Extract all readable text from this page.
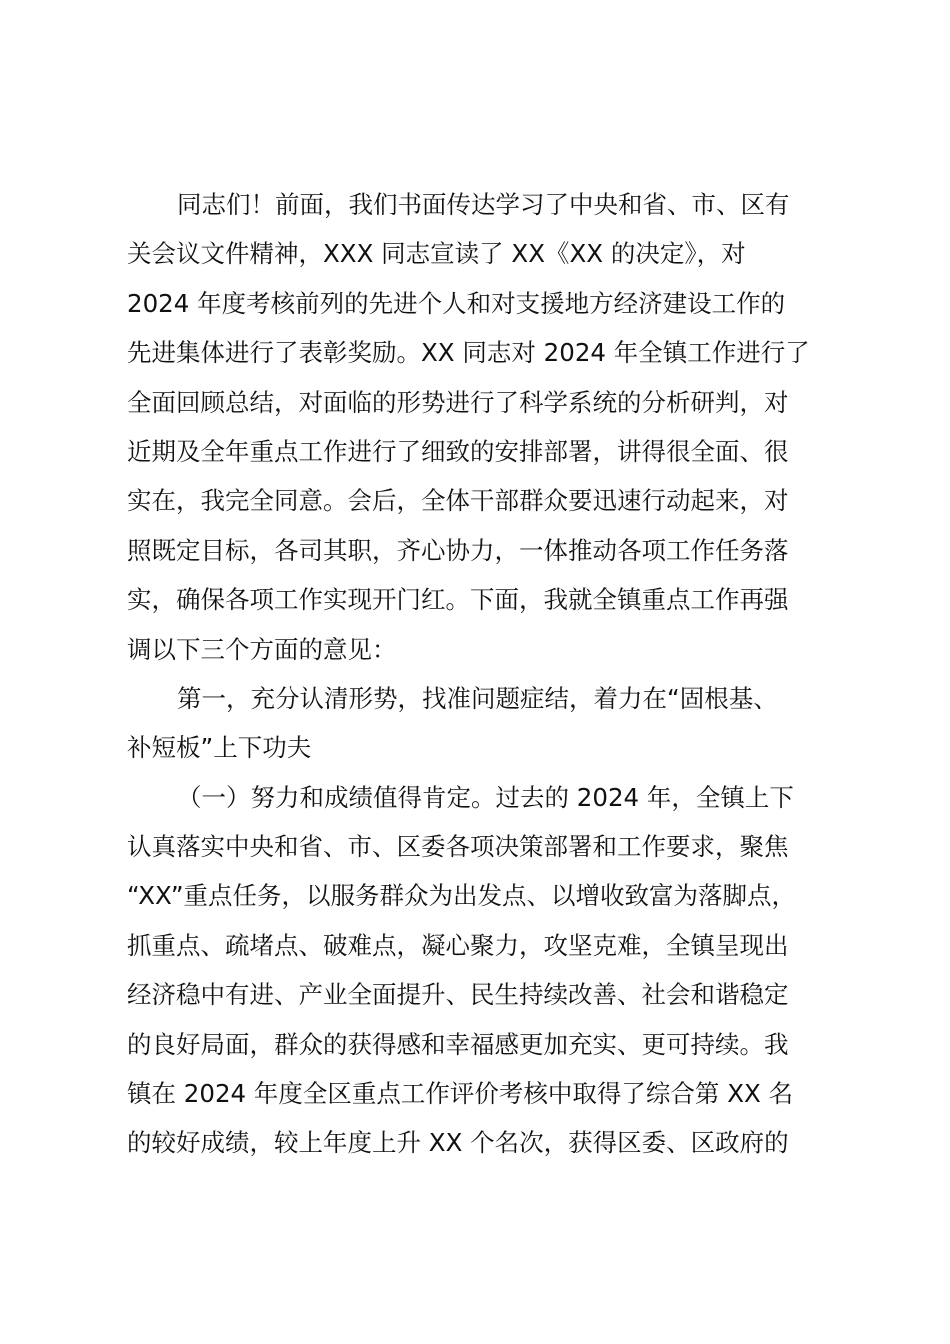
同志们！前面，我们书面传达学习了中央和省、市、区有
关会议文件精神，XXX 同志宣读了 XX《XX 的决定》，对
2024 年度考核前列的先进个人和对支援地方经济建设工作的
先进集体进行了表彰奖励。XX 同志对 2024 年全镇工作进行了
全面回顾总结，对面临的形势进行了科学系统的分析研判，对
近期及全年重点工作进行了细致的安排部署，讲得很全面、很
实在，我完全同意。会后，全体干部群众要迅速行动起来，对
照既定目标，各司其职，齐心协力，一体推动各项工作任务落
实，确保各项工作实现开门红。下面，我就全镇重点工作再强
调以下三个方面的意见：
第一，充分认清形势，找准问题症结，着力在“固根基、
补短板”上下功夫
（一）努力和成绩值得肯定。过去的 2024 年，全镇上下
认真落实中央和省、市、区委各项决策部署和工作要求，聚焦
“XX”重点任务，以服务群众为出发点、以增收致富为落脚点，
抓重点、疏堵点、破难点，凝心聚力，攻坚克难，全镇呈现出
经济稳中有进、产业全面提升、民生持续改善、社会和谐稳定
的良好局面，群众的获得感和幸福感更加充实、更可持续。我
镇在 2024 年度全区重点工作评价考核中取得了综合第 XX 名
的较好成绩，较上年度上升 XX 个名次，获得区委、区政府的
